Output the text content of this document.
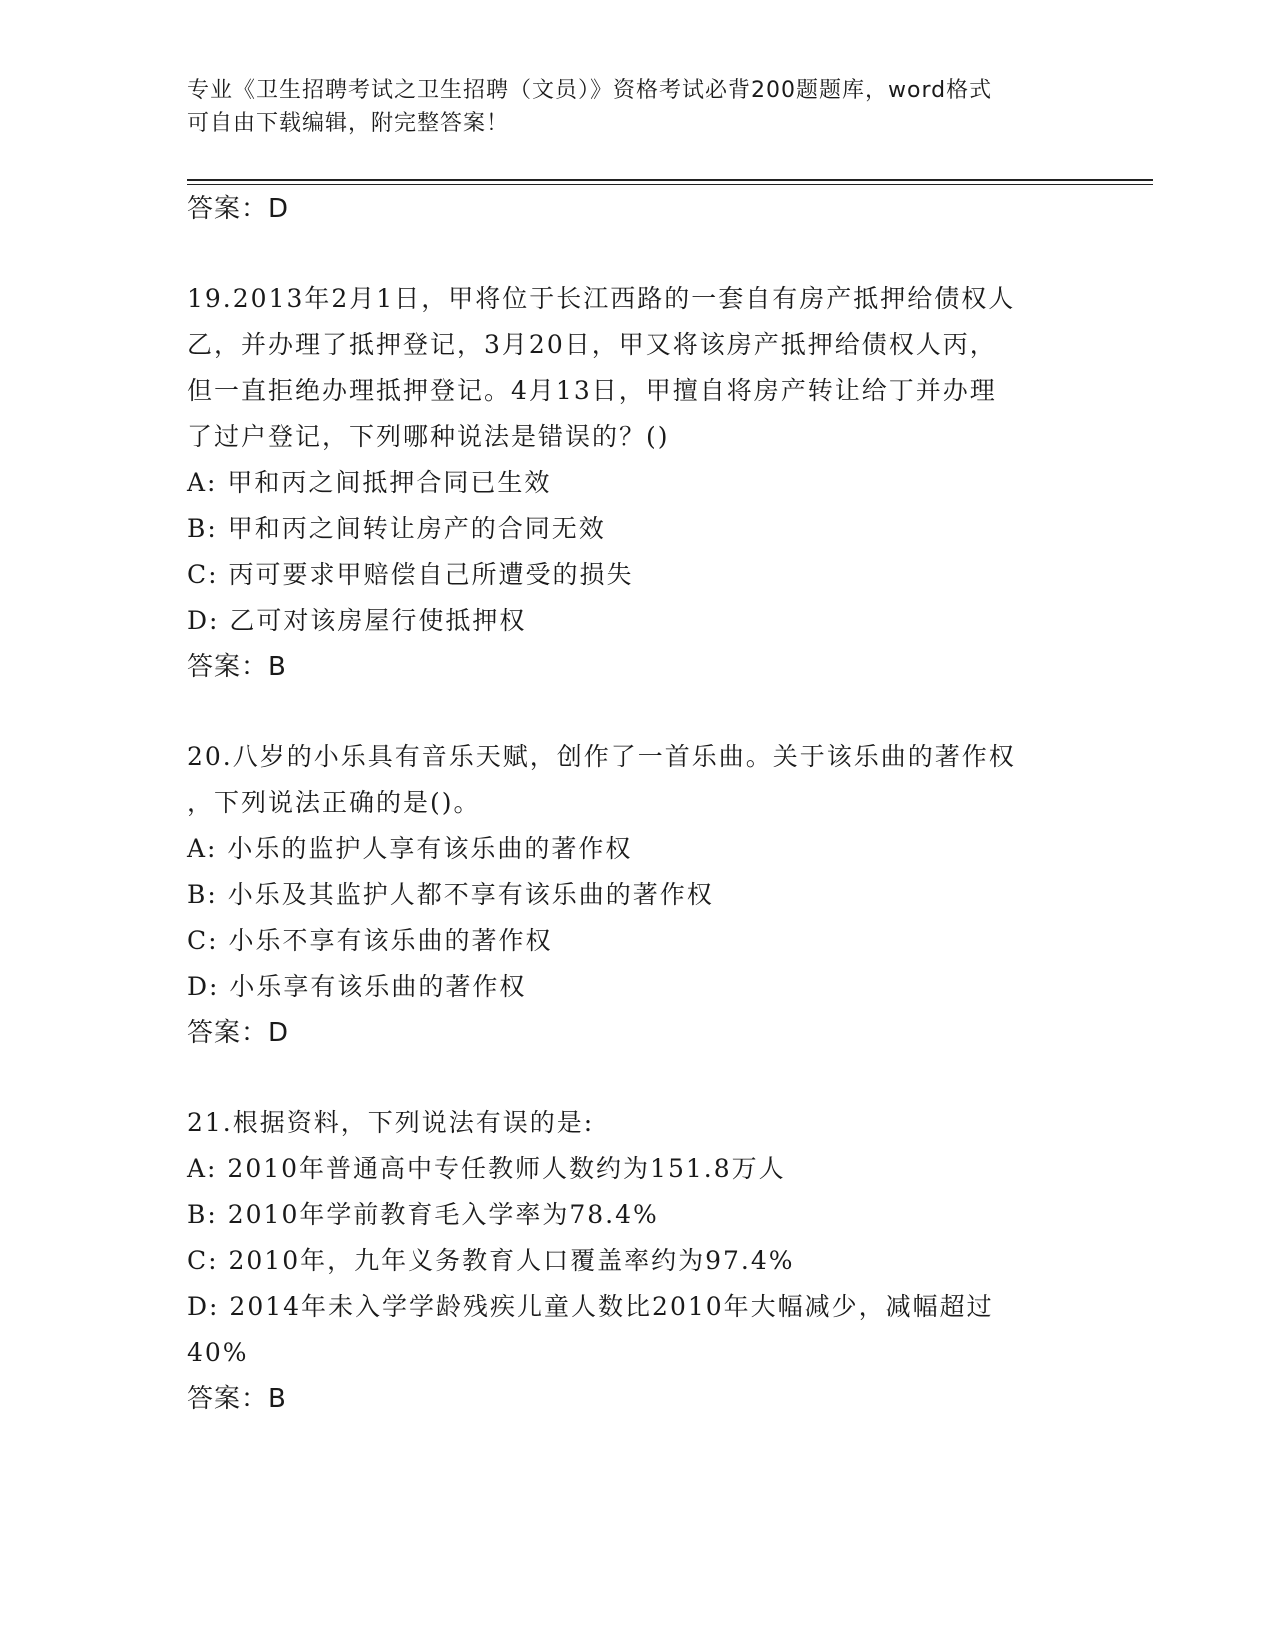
专业《卫生招聘考试之卫生招聘（文员）》资格考试必背200题题库，word格式
可自由下载编辑，附完整答案！
答案：D
19.2013年2月1日，甲将位于长江西路的一套自有房产抵押给债权人
乙，并办理了抵押登记，3月20日，甲又将该房产抵押给债权人丙，
但一直拒绝办理抵押登记。4月13日，甲擅自将房产转让给丁并办理
了过户登记，下列哪种说法是错误的？()
A: 甲和丙之间抵押合同已生效
B: 甲和丙之间转让房产的合同无效
C: 丙可要求甲赔偿自己所遭受的损失
D: 乙可对该房屋行使抵押权
答案：B
20.八岁的小乐具有音乐天赋，创作了一首乐曲。关于该乐曲的著作权
，下列说法正确的是()。
A: 小乐的监护人享有该乐曲的著作权
B: 小乐及其监护人都不享有该乐曲的著作权
C: 小乐不享有该乐曲的著作权
D: 小乐享有该乐曲的著作权
答案：D
21.根据资料，下列说法有误的是:
A: 2010年普通高中专任教师人数约为151.8万人
B: 2010年学前教育毛入学率为78.4%
C: 2010年，九年义务教育人口覆盖率约为97.4%
D: 2014年未入学学龄残疾儿童人数比2010年大幅减少，减幅超过
40%
答案：B
